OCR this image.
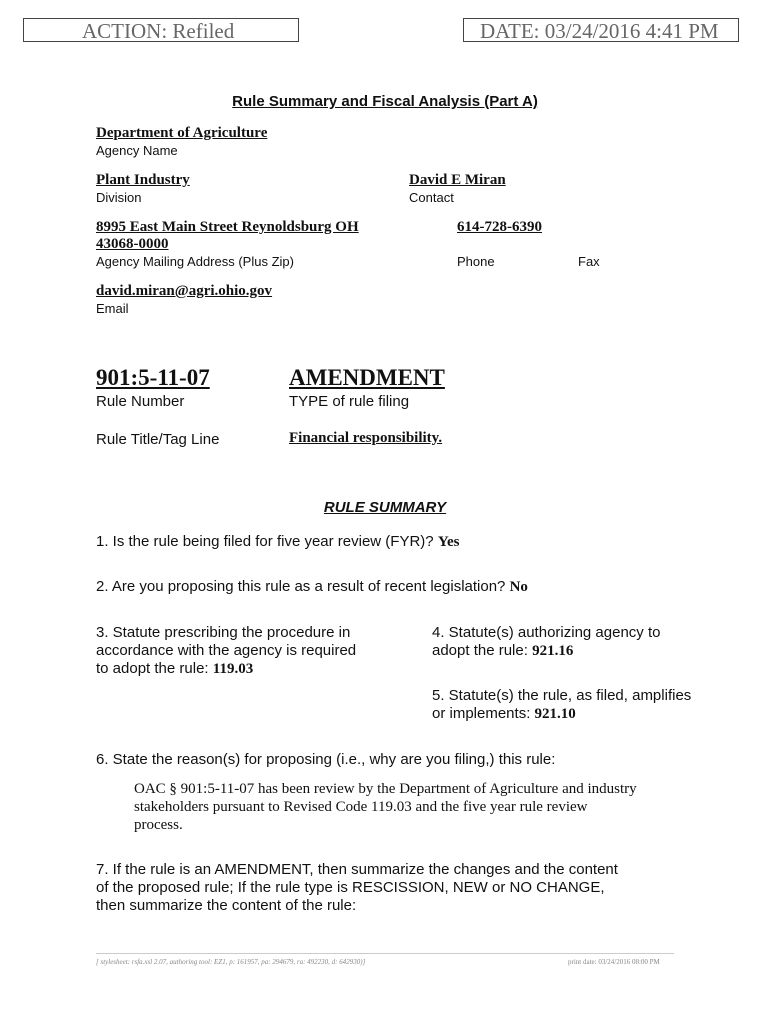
ACTION: Refiled	DATE: 03/24/2016 4:41 PM
Rule Summary and Fiscal Analysis (Part A)
Department of Agriculture
Agency Name
Plant Industry
Division
David E Miran
Contact
8995 East Main Street Reynoldsburg OH
43068-0000
Agency Mailing Address (Plus Zip)
614-728-6390
Phone	Fax
david.miran@agri.ohio.gov
Email
901:5-11-07
Rule Number
AMENDMENT
TYPE of rule filing
Rule Title/Tag Line	Financial responsibility.
RULE SUMMARY
1. Is the rule being filed for five year review (FYR)? Yes
2. Are you proposing this rule as a result of recent legislation? No
3. Statute prescribing the procedure in
accordance with the agency is required
to adopt the rule: 119.03
4. Statute(s) authorizing agency to
adopt the rule: 921.16
5. Statute(s) the rule, as filed, amplifies
or implements: 921.10
6. State the reason(s) for proposing (i.e., why are you filing,) this rule:
OAC § 901:5-11-07 has been review by the Department of Agriculture and industry
stakeholders pursuant to Revised Code 119.03 and the five year rule review
process.
7. If the rule is an AMENDMENT, then summarize the changes and the content
of the proposed rule; If the rule type is RESCISSION, NEW or NO CHANGE,
then summarize the content of the rule:
[ stylesheet: rsfa.xsl 2.07, authoring tool: EZ1, p: 161957, pa: 294679, ra: 492230, d: 642930)]	print date: 03/24/2016 08:00 PM
